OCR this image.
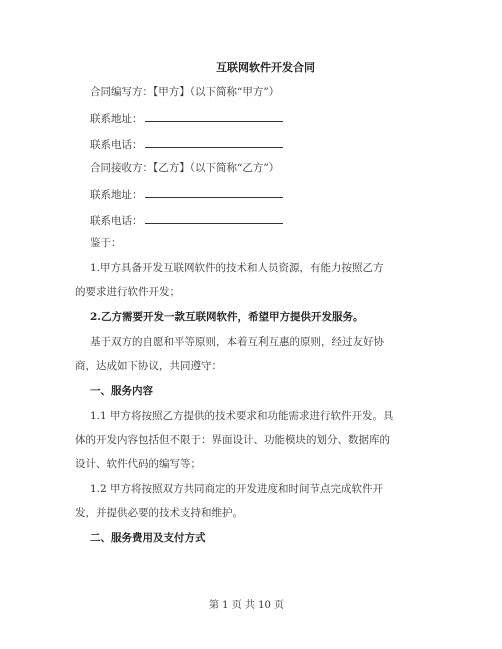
互联网软件开发合同
合同编写方：【甲方】（以下简称“甲方”）
联系地址：
联系电话：
合同接收方：【乙方】（以下简称“乙方”）
联系地址：
联系电话：
鉴于：
1.甲方具备开发互联网软件的技术和人员资源，有能力按照乙方
的要求进行软件开发；
2.乙方需要开发一款互联网软件，希望甲方提供开发服务。
基于双方的自愿和平等原则，本着互利互惠的原则，经过友好协
商，达成如下协议，共同遵守：
一、服务内容
1.1 甲方将按照乙方提供的技术要求和功能需求进行软件开发。具
体的开发内容包括但不限于：界面设计、功能模块的划分、数据库的
设计、软件代码的编写等；
1.2 甲方将按照双方共同商定的开发进度和时间节点完成软件开
发，并提供必要的技术支持和维护。
二、服务费用及支付方式
第 1 页 共 10 页
